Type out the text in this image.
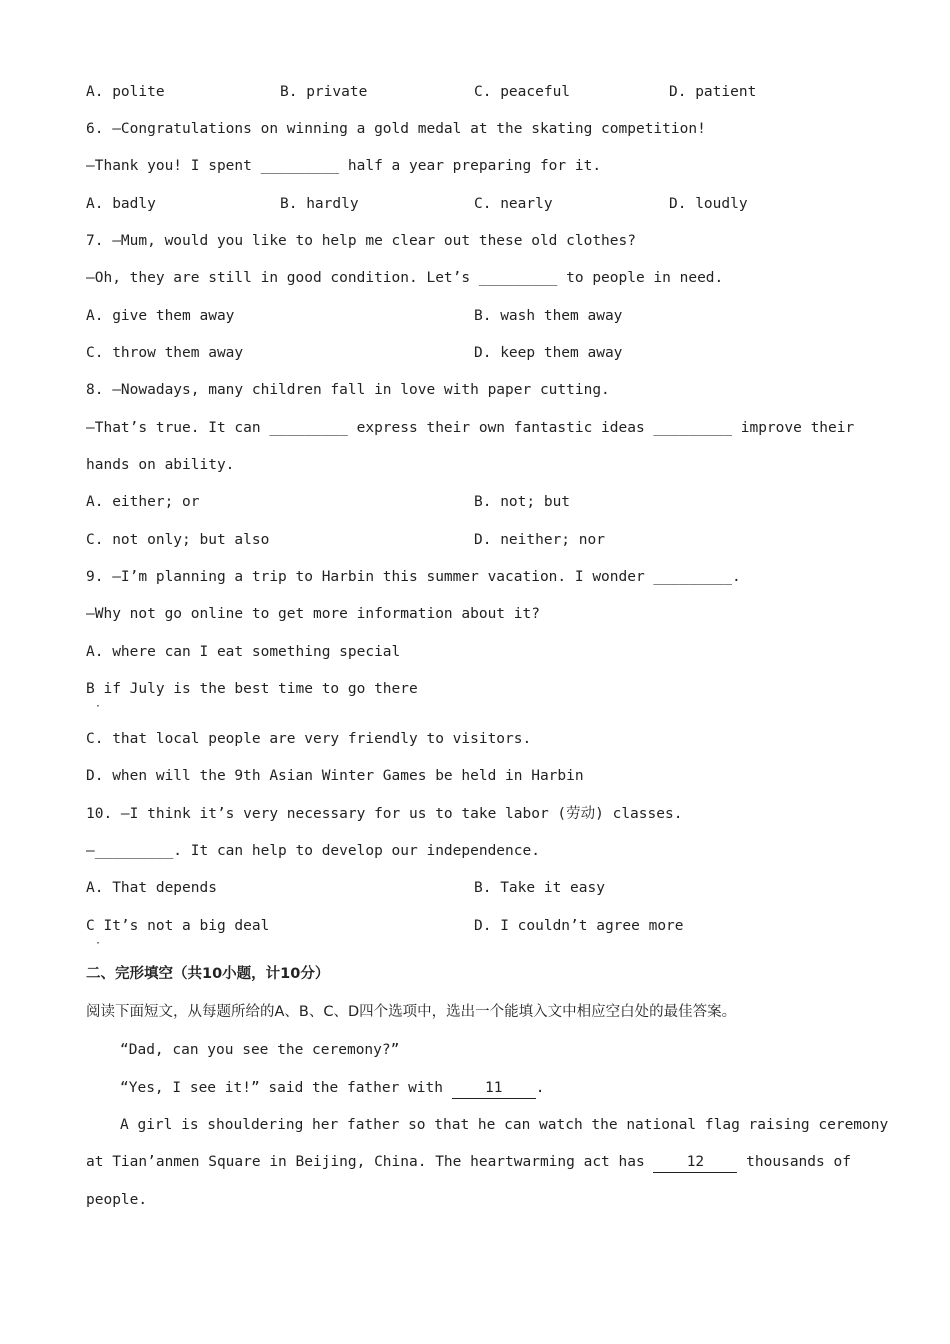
A. polite	B. private	C. peaceful	D. patient
6. —Congratulations on winning a gold medal at the skating competition!
—Thank you! I spent _________ half a year preparing for it.
A. badly	B. hardly	C. nearly	D. loudly
7. —Mum, would you like to help me clear out these old clothes?
—Oh, they are still in good condition. Let’s _________ to people in need.
A. give them away	B. wash them away
C. throw them away	D. keep them away
8. —Nowadays, many children fall in love with paper cutting.
—That’s true. It can _________ express their own fantastic ideas _________ improve their
hands on ability.
A. either; or	B. not; but
C. not only; but also	D. neither; nor
9. —I’m planning a trip to Harbin this summer vacation. I wonder _________.
—Why not go online to get more information about it?
A. where can I eat something special
B if July is the best time to go there
·
C. that local people are very friendly to visitors.
D. when will the 9th Asian Winter Games be held in Harbin
10. —I think it’s very necessary for us to take labor (劳动) classes.
—_________. It can help to develop our independence.
A. That depends	B. Take it easy
C It’s not a big deal	D. I couldn’t agree more
·
二、完形填空（共10小题，计10分）
阅读下面短文，从每题所给的A、B、C、D四个选项中，选出一个能填入文中相应空白处的最佳答案。
“Dad, can you see the ceremony?”
“Yes, I see it!” said the father with	11 .
A girl is shouldering her father so that he can watch the national flag raising ceremony
at Tian’anmen Square in Beijing, China. The heartwarming act has	12	thousands of
people.
